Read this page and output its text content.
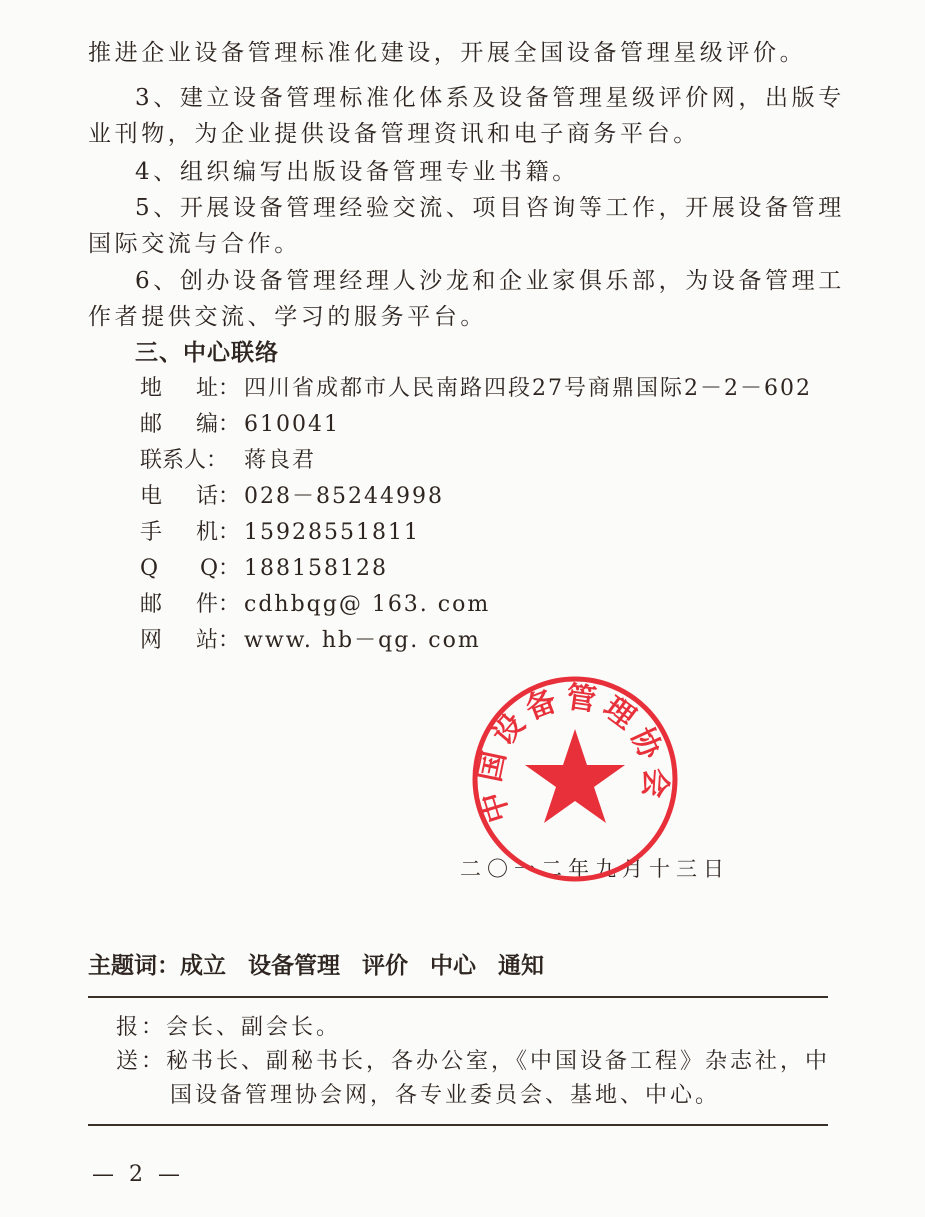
推进企业设备管理标准化建设，开展全国设备管理星级评价。
3、建立设备管理标准化体系及设备管理星级评价网，出版专
业刊物，为企业提供设备管理资讯和电子商务平台。
4、组织编写出版设备管理专业书籍。
5、开展设备管理经验交流、项目咨询等工作，开展设备管理
国际交流与合作。
6、创办设备管理经理人沙龙和企业家俱乐部，为设备管理工
作者提供交流、学习的服务平台。
三、中心联络
地 址： 四川省成都市人民南路四段27号商鼎国际2－2－602
邮 编： 610041
联系人： 蒋良君
电 话： 028－85244998
手 机： 15928551811
Q Q： 188158128
邮 件： cdhbqg@ 163. com
网 站： www. hb－qg. com
二〇一二年九月十三日
中国设备管理协会
主题词：成立 设备管理 评价 中心 通知
报：会长、副会长。
送：秘书长、副秘书长，各办公室，《中国设备工程》杂志社，中
国设备管理协会网，各专业委员会、基地、中心。
— 2 —
